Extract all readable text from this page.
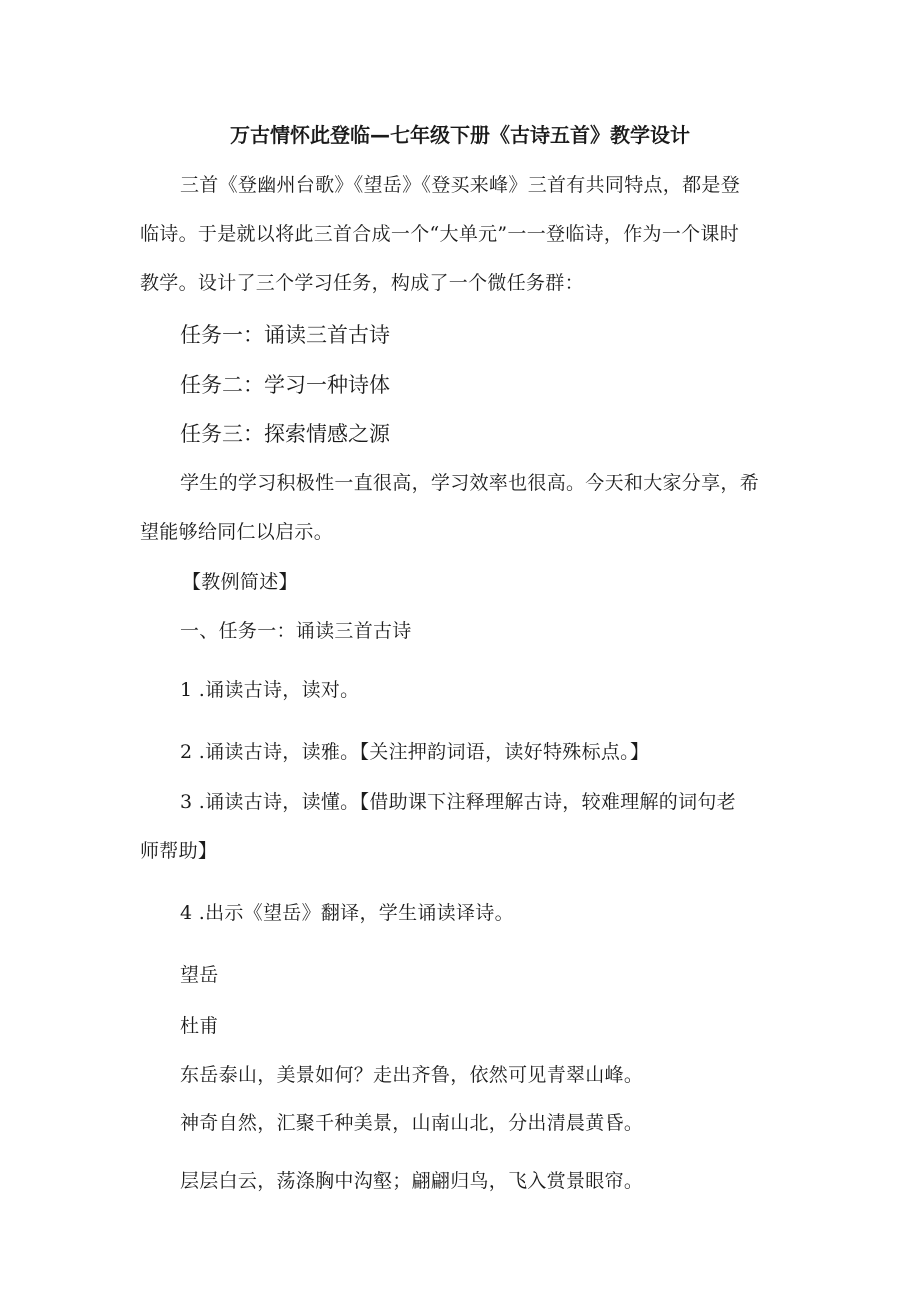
万古情怀此登临—七年级下册《古诗五首》教学设计

三首《登幽州台歌》《望岳》《登买来峰》三首有共同特点，都是登

临诗。于是就以将此三首合成一个“大单元”一一登临诗，作为一个课时

教学。设计了三个学习任务，构成了一个微任务群：

任务一：诵读三首古诗

任务二：学习一种诗体

任务三：探索情感之源

学生的学习积极性一直很高，学习效率也很高。今天和大家分享，希

望能够给同仁以启示。

【教例简述】

一、任务一：诵读三首古诗

1 .诵读古诗，读对。

2 .诵读古诗，读雅。【关注押韵词语，读好特殊标点。】

3 .诵读古诗，读懂。【借助课下注释理解古诗，较难理解的词句老

师帮助】

4 .出示《望岳》翻译，学生诵读译诗。

望岳

杜甫

东岳泰山，美景如何？走出齐鲁，依然可见青翠山峰。

神奇自然，汇聚千种美景，山南山北，分出清晨黄昏。

层层白云，荡涤胸中沟壑；翩翩归鸟，飞入赏景眼帘。
